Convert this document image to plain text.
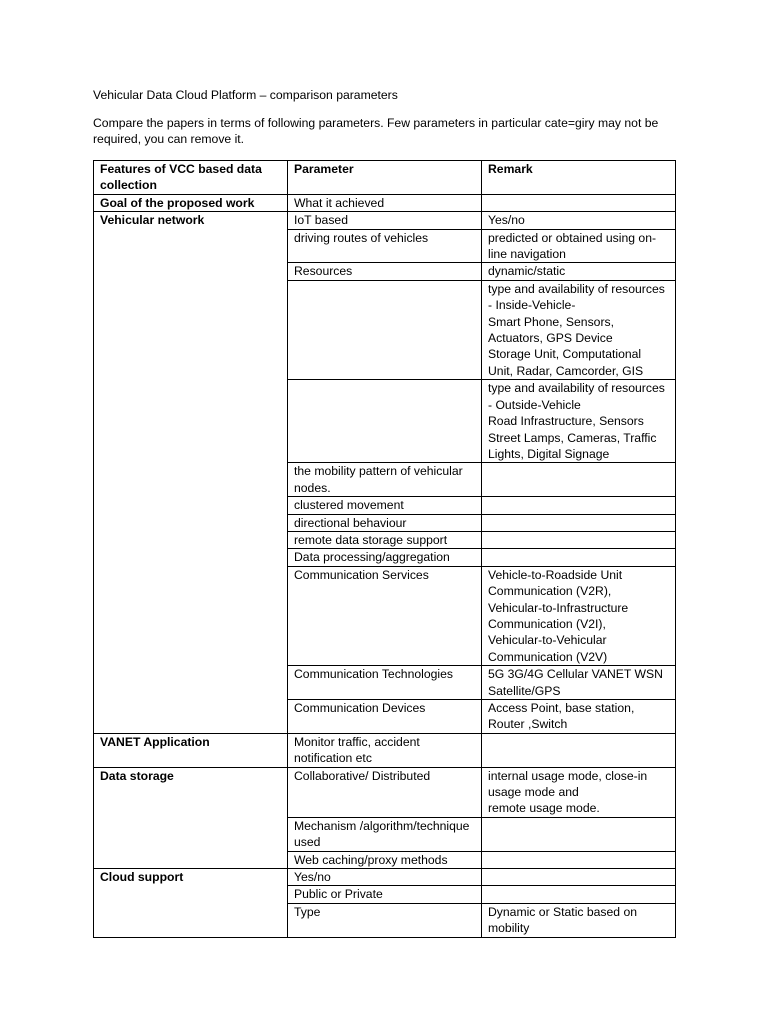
Vehicular Data Cloud Platform – comparison parameters

Compare the papers in terms of following parameters. Few parameters in particular cate=giry may not be required, you can remove it.

Features of VCC based data collection	Parameter	Remark
Goal of the proposed work	What it achieved	
Vehicular network	IoT based	Yes/no
	driving routes of vehicles	predicted or obtained using on-line navigation
	Resources	dynamic/static
		type and availability of resources - Inside-Vehicle-
Smart Phone, Sensors, Actuators, GPS Device
Storage Unit, Computational Unit, Radar, Camcorder, GIS
		type and availability of resources - Outside-Vehicle
Road Infrastructure, Sensors
Street Lamps, Cameras, Traffic Lights, Digital Signage
	the mobility pattern of vehicular nodes.	
	clustered movement	
	directional behaviour	
	remote data storage support	
	Data processing/aggregation	
	Communication Services	Vehicle-to-Roadside Unit Communication (V2R),
Vehicular-to-Infrastructure Communication (V2I),
Vehicular-to-Vehicular Communication (V2V)
	Communication Technologies	5G 3G/4G Cellular VANET WSN Satellite/GPS
	Communication Devices	Access Point, base station, Router ,Switch
VANET Application	Monitor traffic, accident notification etc	
Data storage	Collaborative/ Distributed	internal usage mode, close-in usage mode and
remote usage mode.
	Mechanism /algorithm/technique used	
	Web caching/proxy methods	
Cloud support	Yes/no	
	Public or Private	
	Type	Dynamic or Static based on mobility
